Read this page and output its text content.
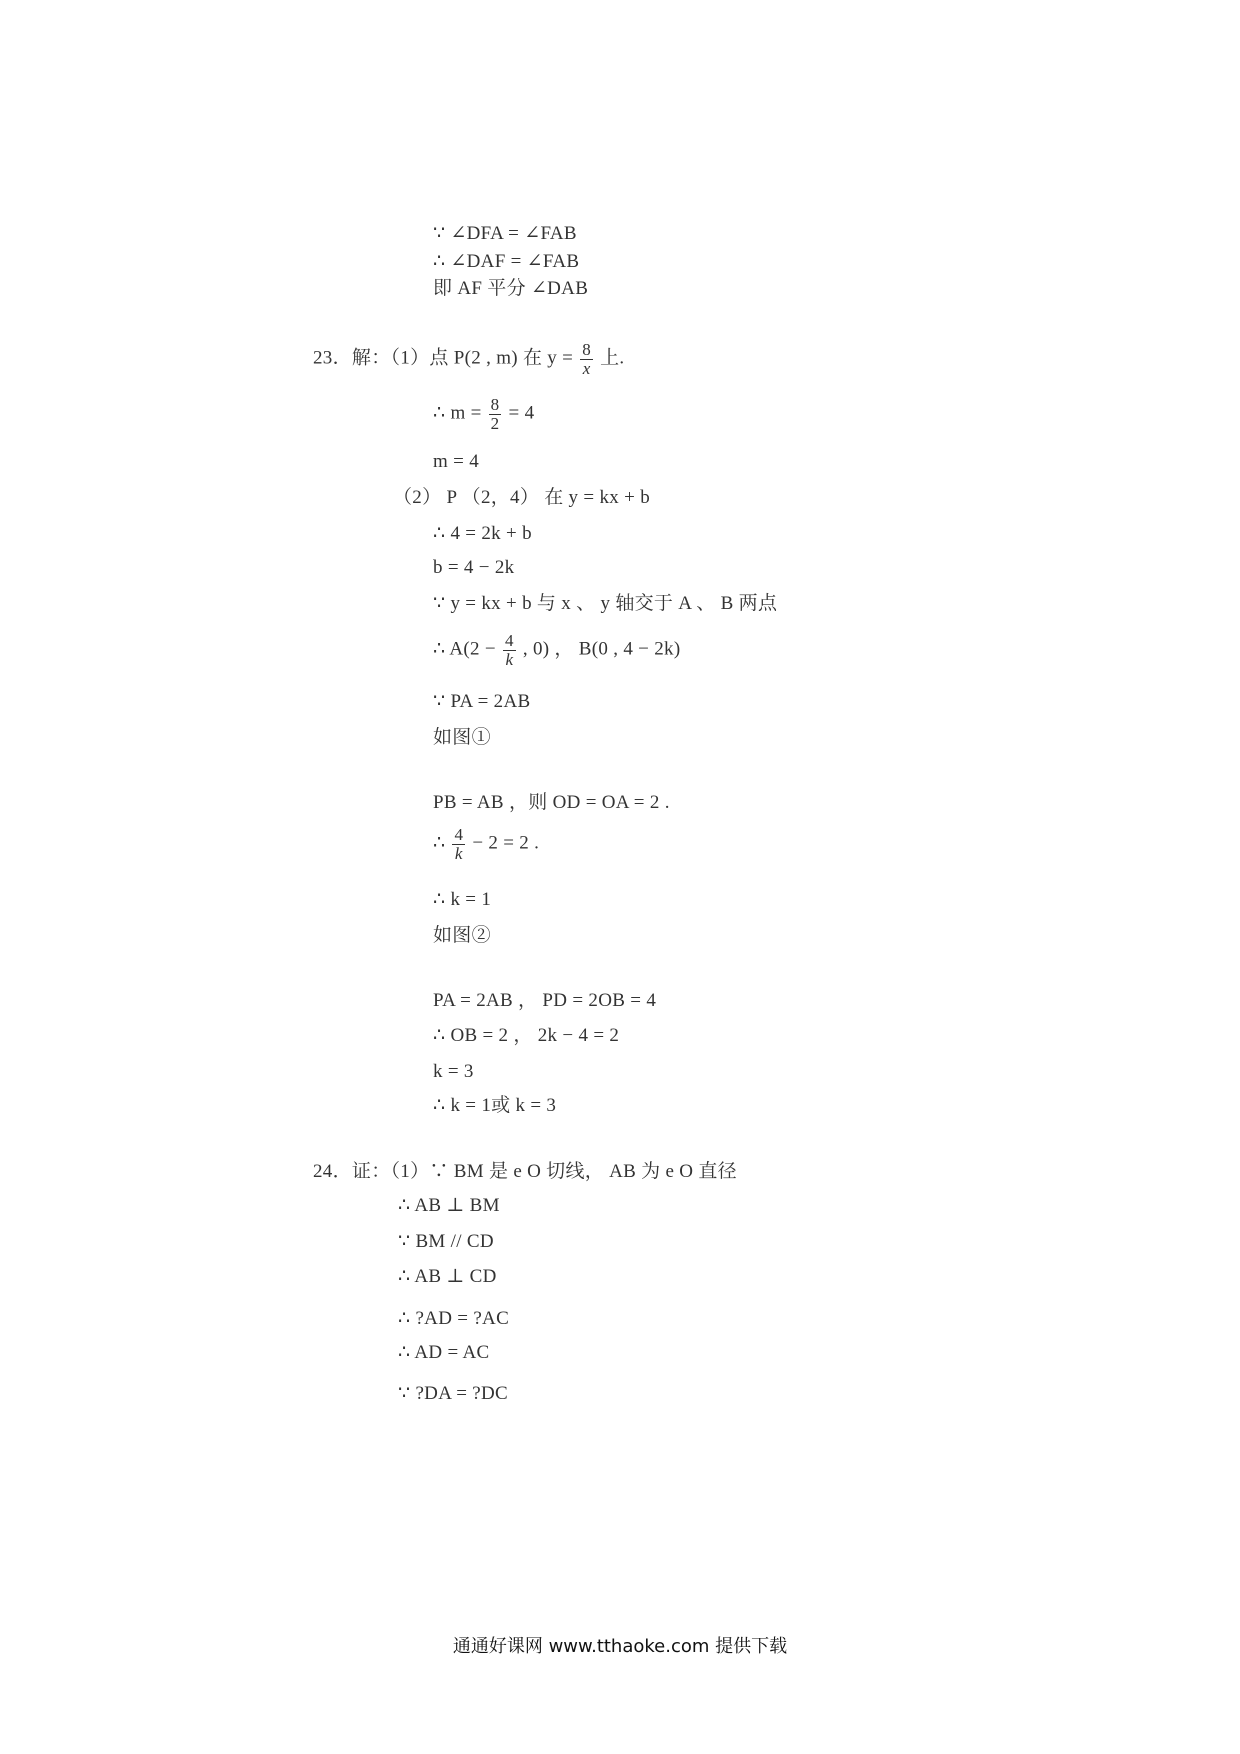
∵ ∠DFA = ∠FAB
∴ ∠DAF = ∠FAB
即 AF 平分 ∠DAB
23．解：（1）点 P(2 , m) 在 $y = \frac{8}{x}$ 上.
∴ $m = \frac{8}{2} = 4$
m = 4
（2） P （2，4） 在 y = kx + b
∴ 4 = 2k + b
b = 4 − 2k
∵ y = kx + b 与 x 、 y 轴交于 A 、 B 两点
∴ $A(2 - \frac{4}{k}$ , 0) ， B(0 , 4 − 2k)
∵ PA = 2AB
如图①
PB = AB ，则 OD = OA = 2 .
∴ $\frac{4}{k} - 2 = 2$ .
∴ k = 1
如图②
PA = 2AB ， PD = 2OB = 4
∴ OB = 2 ， 2k − 4 = 2
k = 3
∴ k = 1或 k = 3
24．证：（1）∵ BM 是 e O 切线， AB 为 e O 直径
∴ AB ⊥ BM
∵ BM // CD
∴ AB ⊥ CD
∴ ?AD = ?AC
∴ AD = AC
∵ ?DA = ?DC
通通好课网 www.tthaoke.com 提供下载
